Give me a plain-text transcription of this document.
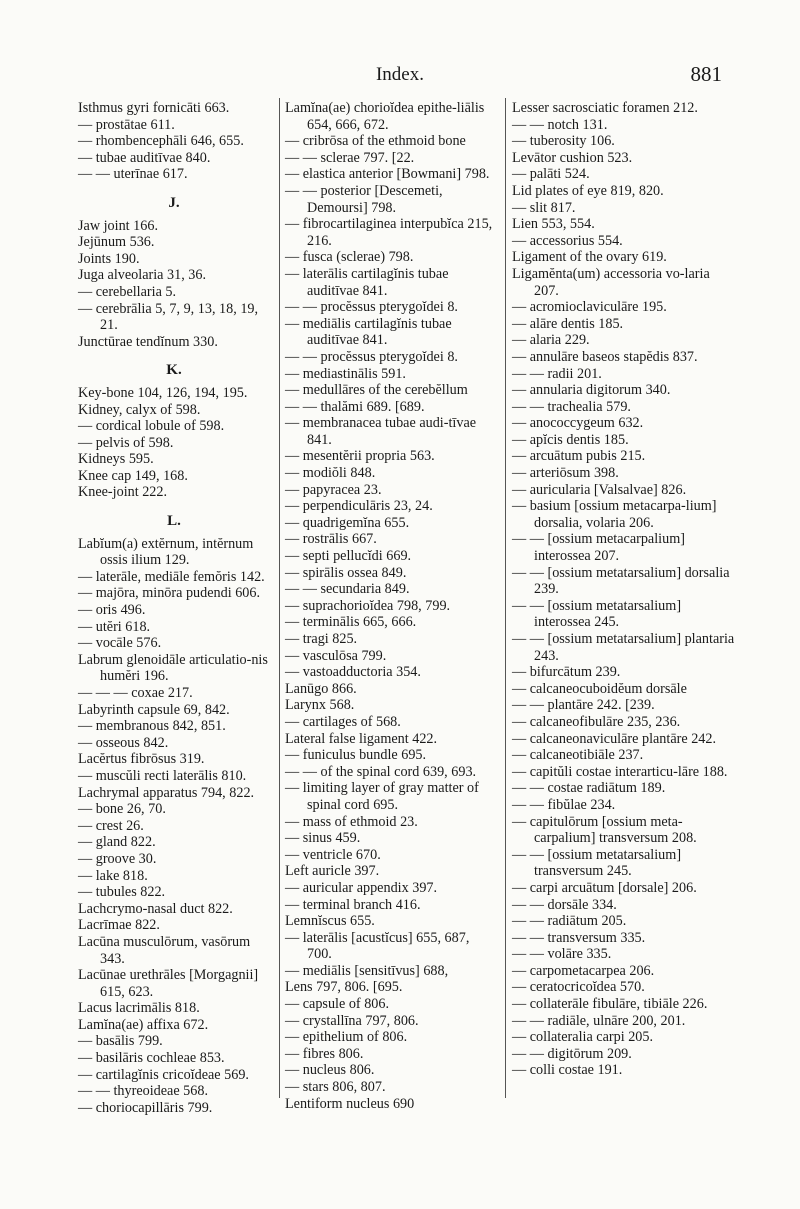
Index.	881

Isthmus gyri fornicāti 663.

— prostātae 611.

— rhombencephāli 646, 655.

— tubae auditīvae 840.

— — uterīnae 617.

J.

Jaw joint 166.

Jejūnum 536.

Joints 190.

Juga alveolaria 31, 36.

— cerebellaria 5.

— cerebrālia 5, 7, 9, 13, 18, 19, 21.

Junctūrae tendĭnum 330.

K.

Key-bone 104, 126, 194, 195.

Kidney, calyx of 598.

— cordical lobule of 598.

— pelvis of 598.

Kidneys 595.

Knee cap 149, 168.

Knee-joint 222.

L.

Labĭum(a) extĕrnum, intĕrnum ossis ilium 129.

— laterāle, mediāle femŏris 142.

— majōra, minōra pudendi 606.

— oris 496.

— utĕri 618.

— vocāle 576.

Labrum glenoidāle articulatio-nis humĕri 196.

— — — coxae 217.

Labyrinth capsule 69, 842.

— membranous 842, 851.

— osseous 842.

Lacĕrtus fibrōsus 319.

— muscŭli recti laterālis 810.

Lachrymal apparatus 794, 822.

— bone 26, 70.

— crest 26.

— gland 822.

— groove 30.

— lake 818.

— tubules 822.

Lachcrymo-nasal duct 822.

Lacrīmae 822.

Lacūna musculōrum, vasōrum 343.

Lacūnae urethrāles [Morgagnii] 615, 623.

Lacus lacrimālis 818.

Lamĭna(ae) affixa 672.

— basālis 799.

— basilāris cochleae 853.

— cartilagĭnis cricoĭdeae 569.

— — thyreoideae 568.

— choriocapillāris 799.

Lamĭna(ae) chorioĭdea epithe-liālis 654, 666, 672.

— cribrōsa of the ethmoid bone

— — sclerae 797. [22.

— elastica anterior [Bowmani] 798.

— — posterior [Descemeti, Demoursi] 798.

— fibrocartilaginea interpubĭca 215, 216.

— fusca (sclerae) 798.

— laterālis cartilagĭnis tubae auditīvae 841.

— — procĕssus pterygoĭdei 8.

— mediālis cartilagĭnis tubae auditīvae 841.

— — procĕssus pterygoĭdei 8.

— mediastinālis 591.

— medullāres of the cerebĕllum

— — thalămi 689. [689.

— membranacea tubae audi-tīvae 841.

— mesentĕrii propria 563.

— modiŏli 848.

— papyracea 23.

— perpendiculāris 23, 24.

— quadrigemĭna 655.

— rostrālis 667.

— septi pellucĭdi 669.

— spirālis ossea 849.

— — secundaria 849.

— suprachorioĭdea 798, 799.

— terminālis 665, 666.

— tragi 825.

— vasculōsa 799.

— vastoadductoria 354.

Lanūgo 866.

Larynx 568.

— cartilages of 568.

Lateral false ligament 422.

— funiculus bundle 695.

— — of the spinal cord 639, 693.

— limiting layer of gray matter of spinal cord 695.

— mass of ethmoid 23.

— sinus 459.

— ventricle 670.

Left auricle 397.

— auricular appendix 397.

— terminal branch 416.

Lemnĭscus 655.

— laterālis [acustĭcus] 655, 687, 700.

— mediālis [sensitīvus] 688,

Lens 797, 806. [695.

— capsule of 806.

— crystallīna 797, 806.

— epithelium of 806.

— fibres 806.

— nucleus 806.

— stars 806, 807.

Lentiform nucleus 690

Lesser sacrosciatic foramen 212.

— — notch 131.

— tuberosity 106.

Levātor cushion 523.

— palāti 524.

Lid plates of eye 819, 820.

— slit 817.

Lien 553, 554.

— accessorius 554.

Ligament of the ovary 619.

Ligamĕnta(um) accessoria vo-laria 207.

— acromioclaviculāre 195.

— alāre dentis 185.

— alaria 229.

— annulāre baseos stapĕdis 837.

— — radii 201.

— annularia digitorum 340.

— — trachealia 579.

— anococcygeum 632.

— apĭcis dentis 185.

— arcuātum pubis 215.

— arteriōsum 398.

— auricularia [Valsalvae] 826.

— basium [ossium metacarpa-lium] dorsalia, volaria 206.

— — [ossium metacarpalium] interossea 207.

— — [ossium metatarsalium] dorsalia 239.

— — [ossium metatarsalium] interossea 245.

— — [ossium metatarsalium] plantaria 243.

— bifurcātum 239.

— calcaneocuboidĕum dorsāle

— — plantāre 242. [239.

— calcaneofibulāre 235, 236.

— calcaneonaviculāre plantāre 242.

— calcaneotibiāle 237.

— capitŭli costae interarticu-lāre 188.

— — costae radiātum 189.

— — fibŭlae 234.

— capitulōrum [ossium meta-carpalium] transversum 208.

— — [ossium metatarsalium] transversum 245.

— carpi arcuātum [dorsale] 206.

— — dorsāle 334.

— — radiātum 205.

— — transversum 335.

— — volāre 335.

— carpometacarpea 206.

— ceratocricoĭdea 570.

— collaterāle fibulāre, tibiāle 226.

— — radiāle, ulnāre 200, 201.

— collateralia carpi 205.

— — digitōrum 209.

— colli costae 191.
